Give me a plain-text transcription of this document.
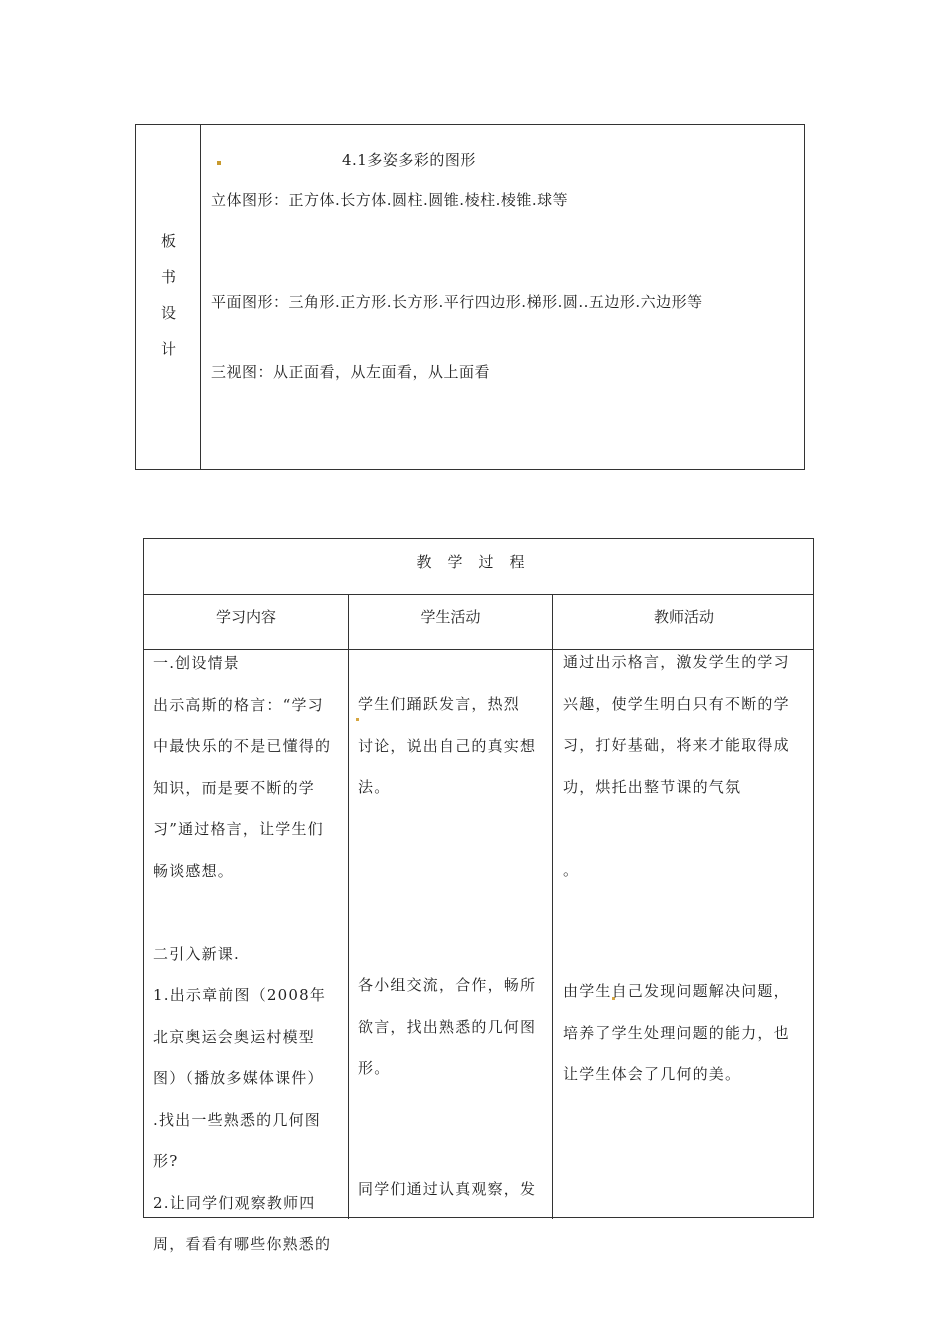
板
书
设
计
4.1多姿多彩的图形
立体图形：正方体.长方体.圆柱.圆锥.棱柱.棱锥.球等
平面图形：三角形.正方形.长方形.平行四边形.梯形.圆..五边形.六边形等
三视图：从正面看，从左面看，从上面看
教学过程
学习内容	学生活动	教师活动
一.创设情景
出示高斯的格言：“学习
中最快乐的不是已懂得的
知识，而是要不断的学
习”通过格言，让学生们
畅谈感想。
二引入新课.
1.出示章前图（2008年
北京奥运会奥运村模型
图）（播放多媒体课件）
.找出一些熟悉的几何图
形?
2.让同学们观察教师四
周，看看有哪些你熟悉的
学生们踊跃发言，热烈
讨论，说出自己的真实想
法。
各小组交流，合作，畅所
欲言，找出熟悉的几何图
形。
同学们通过认真观察，发
通过出示格言，激发学生的学习
兴趣，使学生明白只有不断的学
习，打好基础，将来才能取得成
功，烘托出整节课的气氛
。
由学生自己发现问题解决问题，
培养了学生处理问题的能力，也
让学生体会了几何的美。
